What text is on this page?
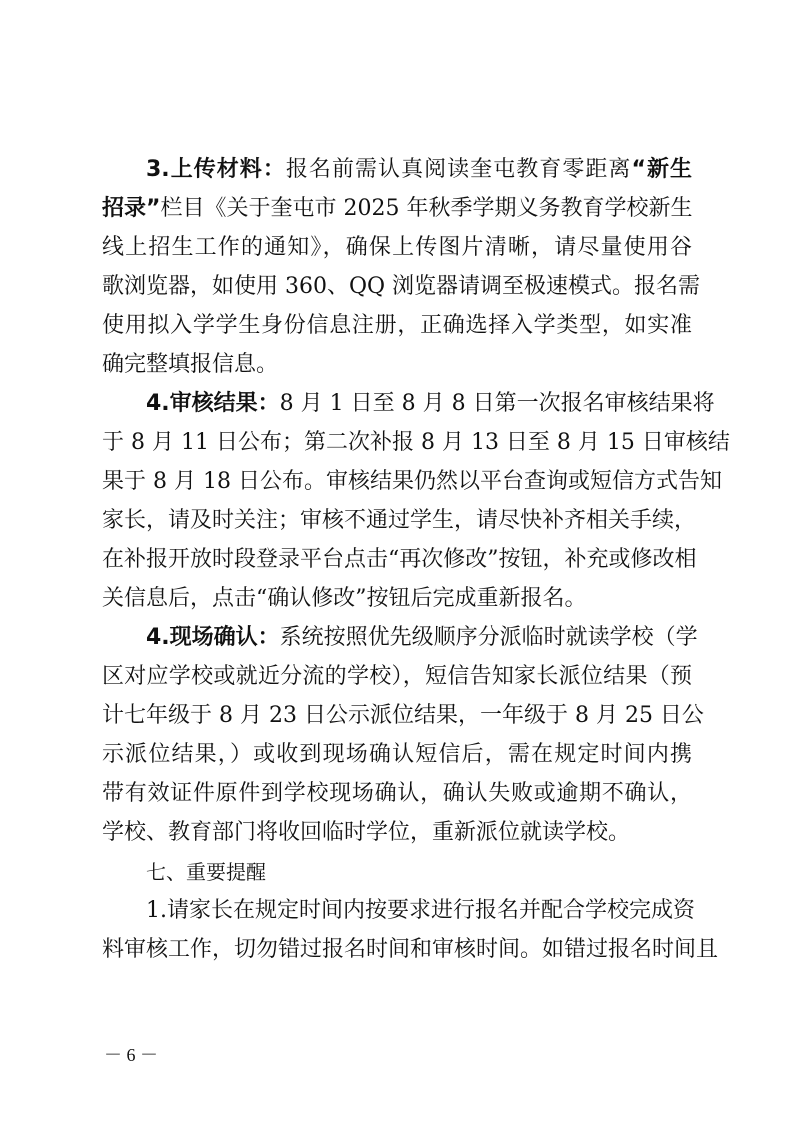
3.上传材料：报名前需认真阅读奎屯教育零距离“新生
招录”栏目《关于奎屯市 2025 年秋季学期义务教育学校新生
线上招生工作的通知》，确保上传图片清晰，请尽量使用谷
歌浏览器，如使用 360、QQ 浏览器请调至极速模式。报名需
使用拟入学学生身份信息注册，正确选择入学类型，如实准
确完整填报信息。
4.审核结果：8 月 1 日至 8 月 8 日第一次报名审核结果将
于 8 月 11 日公布；第二次补报 8 月 13 日至 8 月 15 日审核结
果于 8 月 18 日公布。审核结果仍然以平台查询或短信方式告知
家长，请及时关注；审核不通过学生，请尽快补齐相关手续，
在补报开放时段登录平台点击“再次修改”按钮，补充或修改相
关信息后，点击“确认修改”按钮后完成重新报名。
4.现场确认：系统按照优先级顺序分派临时就读学校（学
区对应学校或就近分流的学校），短信告知家长派位结果（预
计七年级于 8 月 23 日公示派位结果，一年级于 8 月 25 日公
示派位结果，）或收到现场确认短信后，需在规定时间内携
带有效证件原件到学校现场确认，确认失败或逾期不确认，
学校、教育部门将收回临时学位，重新派位就读学校。
七、重要提醒
1.请家长在规定时间内按要求进行报名并配合学校完成资
料审核工作，切勿错过报名时间和审核时间。如错过报名时间且
－ 6 －
